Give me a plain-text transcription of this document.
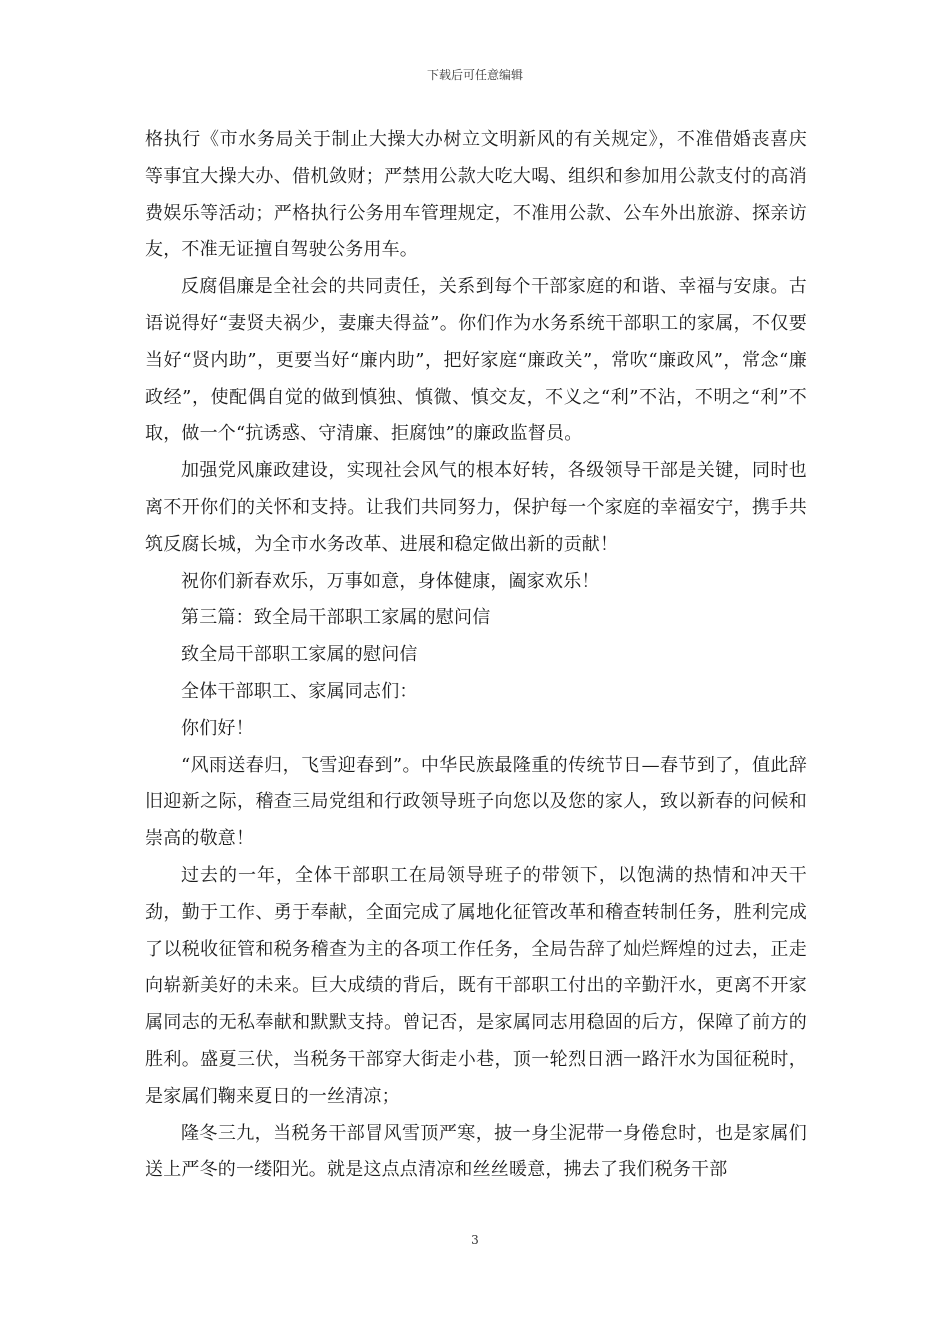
下载后可任意编辑

格执行《市水务局关于制止大操大办树立文明新风的有关规定》，不准借婚丧喜庆等事宜大操大办、借机敛财；严禁用公款大吃大喝、组织和参加用公款支付的高消费娱乐等活动；严格执行公务用车管理规定，不准用公款、公车外出旅游、探亲访友，不准无证擅自驾驶公务用车。

反腐倡廉是全社会的共同责任，关系到每个干部家庭的和谐、幸福与安康。古语说得好“妻贤夫祸少，妻廉夫得益”。你们作为水务系统干部职工的家属，不仅要当好“贤内助”，更要当好“廉内助”，把好家庭“廉政关”，常吹“廉政风”，常念“廉政经”，使配偶自觉的做到慎独、慎微、慎交友，不义之“利”不沾，不明之“利”不取，做一个“抗诱惑、守清廉、拒腐蚀”的廉政监督员。

加强党风廉政建设，实现社会风气的根本好转，各级领导干部是关键，同时也离不开你们的关怀和支持。让我们共同努力，保护每一个家庭的幸福安宁，携手共筑反腐长城，为全市水务改革、进展和稳定做出新的贡献！

祝你们新春欢乐，万事如意，身体健康，阖家欢乐！

第三篇：致全局干部职工家属的慰问信

致全局干部职工家属的慰问信

全体干部职工、家属同志们：

你们好！

“风雨送春归，飞雪迎春到”。中华民族最隆重的传统节日—春节到了，值此辞旧迎新之际，稽查三局党组和行政领导班子向您以及您的家人，致以新春的问候和崇高的敬意！

过去的一年，全体干部职工在局领导班子的带领下，以饱满的热情和冲天干劲，勤于工作、勇于奉献，全面完成了属地化征管改革和稽查转制任务，胜利完成了以税收征管和税务稽查为主的各项工作任务，全局告辞了灿烂辉煌的过去，正走向崭新美好的未来。巨大成绩的背后，既有干部职工付出的辛勤汗水，更离不开家属同志的无私奉献和默默支持。曾记否，是家属同志用稳固的后方，保障了前方的胜利。盛夏三伏，当税务干部穿大街走小巷，顶一轮烈日洒一路汗水为国征税时，是家属们鞠来夏日的一丝清凉；

隆冬三九，当税务干部冒风雪顶严寒，披一身尘泥带一身倦怠时，也是家属们送上严冬的一缕阳光。就是这点点清凉和丝丝暖意，拂去了我们税务干部

3
